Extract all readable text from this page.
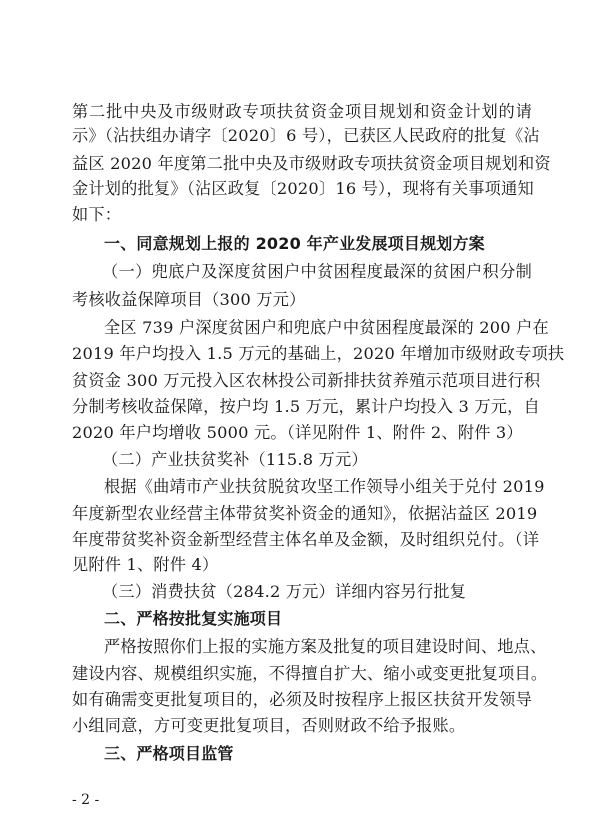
第二批中央及市级财政专项扶贫资金项目规划和资金计划的请
示》（沾扶组办请字〔2020〕6 号），已获区人民政府的批复《沾
益区 2020 年度第二批中央及市级财政专项扶贫资金项目规划和资
金计划的批复》（沾区政复〔2020〕16 号），现将有关事项通知
如下：
一、同意规划上报的 2020 年产业发展项目规划方案
（一）兜底户及深度贫困户中贫困程度最深的贫困户积分制
考核收益保障项目（300 万元）
全区 739 户深度贫困户和兜底户中贫困程度最深的 200 户在
2019 年户均投入 1.5 万元的基础上，2020 年增加市级财政专项扶
贫资金 300 万元投入区农林投公司新排扶贫养殖示范项目进行积
分制考核收益保障，按户均 1.5 万元，累计户均投入 3 万元，自
2020 年户均增收 5000 元。（详见附件 1、附件 2、附件 3）
（二）产业扶贫奖补（115.8 万元）
根据《曲靖市产业扶贫脱贫攻坚工作领导小组关于兑付 2019
年度新型农业经营主体带贫奖补资金的通知》，依据沾益区 2019
年度带贫奖补资金新型经营主体名单及金额，及时组织兑付。（详
见附件 1、附件 4）
（三）消费扶贫（284.2 万元）详细内容另行批复
二、严格按批复实施项目
严格按照你们上报的实施方案及批复的项目建设时间、地点、
建设内容、规模组织实施，不得擅自扩大、缩小或变更批复项目。
如有确需变更批复项目的，必须及时按程序上报区扶贫开发领导
小组同意，方可变更批复项目，否则财政不给予报账。
三、严格项目监管
- 2 -
